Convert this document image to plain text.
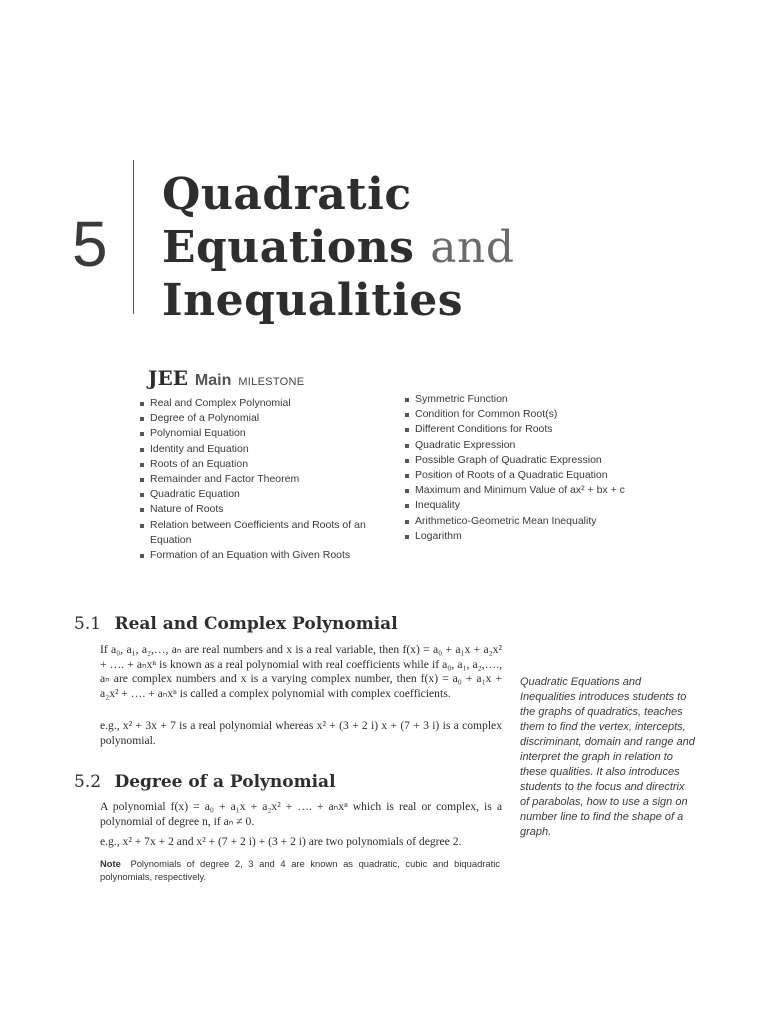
5
Quadratic
Equations and
Inequalities
JEE Main MILESTONE
Real and Complex Polynomial
Degree of a Polynomial
Polynomial Equation
Identity and Equation
Roots of an Equation
Remainder and Factor Theorem
Quadratic Equation
Nature of Roots
Relation between Coefficients and Roots of an Equation
Formation of an Equation with Given Roots
Symmetric Function
Condition for Common Root(s)
Different Conditions for Roots
Quadratic Expression
Possible Graph of Quadratic Expression
Position of Roots of a Quadratic Equation
Maximum and Minimum Value of ax² + bx + c
Inequality
Arithmetico-Geometric Mean Inequality
Logarithm
5.1 Real and Complex Polynomial

If a₀, a₁, a₂,…, aₙ are real numbers and x is a real variable, then f(x) = a₀ + a₁x + a₂x² + …. + aₙxⁿ is known as a real polynomial with real coefficients while if a₀, a₁, a₂,…., aₙ are complex numbers and x is a varying complex number, then f(x) = a₀ + a₁x + a₂x² + …. + aₙxⁿ is called a complex polynomial with complex coefficients.

e.g., x² + 3x + 7 is a real polynomial whereas x² + (3 + 2 i) x + (7 + 3 i) is a complex polynomial.

5.2 Degree of a Polynomial

A polynomial f(x) = a₀ + a₁x + a₂x² + …. + aₙxⁿ which is real or complex, is a polynomial of degree n, if aₙ ≠ 0.

e.g., x² + 7x + 2 and x² + (7 + 2 i) + (3 + 2 i) are two polynomials of degree 2.

Note Polynomials of degree 2, 3 and 4 are known as quadratic, cubic and biquadratic polynomials, respectively.

Quadratic Equations and Inequalities introduces students to the graphs of quadratics, teaches them to find the vertex, intercepts, discriminant, domain and range and interpret the graph in relation to these qualities. It also introduces students to the focus and directrix of parabolas, how to use a sign on number line to find the shape of a graph.
